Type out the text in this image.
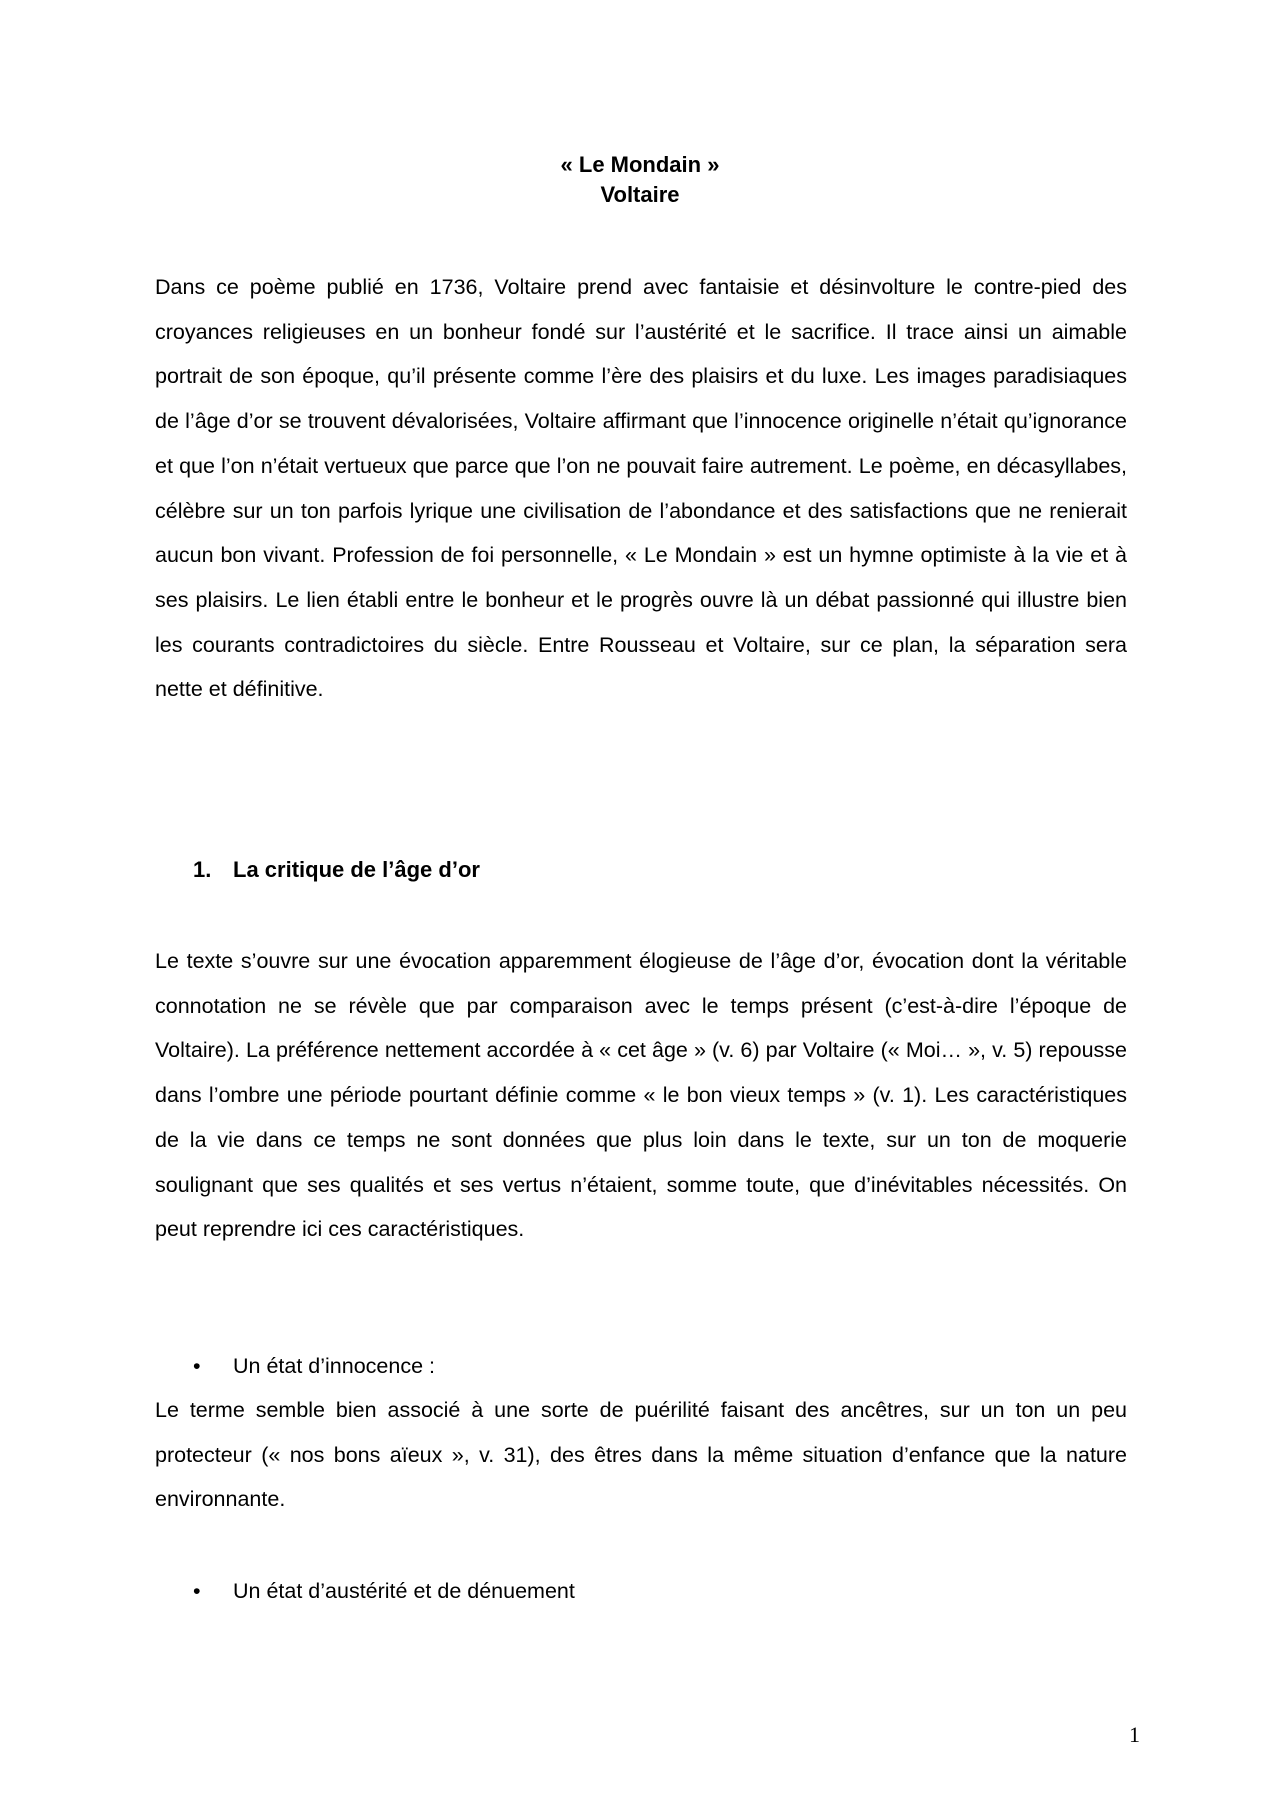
« Le Mondain »
Voltaire

Dans ce poème publié en 1736, Voltaire prend avec fantaisie et désinvolture le contre-pied des croyances religieuses en un bonheur fondé sur l’austérité et le sacrifice. Il trace ainsi un aimable portrait de son époque, qu’il présente comme l’ère des plaisirs et du luxe. Les images paradisiaques de l’âge d’or se trouvent dévalorisées, Voltaire affirmant que l’innocence originelle n’était qu’ignorance et que l’on n’était vertueux que parce que l’on ne pouvait faire autrement. Le poème, en décasyllabes, célèbre sur un ton parfois lyrique une civilisation de l’abondance et des satisfactions que ne renierait aucun bon vivant. Profession de foi personnelle, « Le Mondain » est un hymne optimiste à la vie et à ses plaisirs. Le lien établi entre le bonheur et le progrès ouvre là un débat passionné qui illustre bien les courants contradictoires du siècle. Entre Rousseau et Voltaire, sur ce plan, la séparation sera nette et définitive.

1. La critique de l’âge d’or

Le texte s’ouvre sur une évocation apparemment élogieuse de l’âge d’or, évocation dont la véritable connotation ne se révèle que par comparaison avec le temps présent (c’est-à-dire l’époque de Voltaire). La préférence nettement accordée à « cet âge » (v. 6) par Voltaire (« Moi… », v. 5) repousse dans l’ombre une période pourtant définie comme « le bon vieux temps » (v. 1). Les caractéristiques de la vie dans ce temps ne sont données que plus loin dans le texte, sur un ton de moquerie soulignant que ses qualités et ses vertus n’étaient, somme toute, que d’inévitables nécessités. On peut reprendre ici ces caractéristiques.

• Un état d’innocence :

Le terme semble bien associé à une sorte de puérilité faisant des ancêtres, sur un ton un peu protecteur (« nos bons aïeux », v. 31), des êtres dans la même situation d’enfance que la nature environnante.

• Un état d’austérité et de dénuement
1
